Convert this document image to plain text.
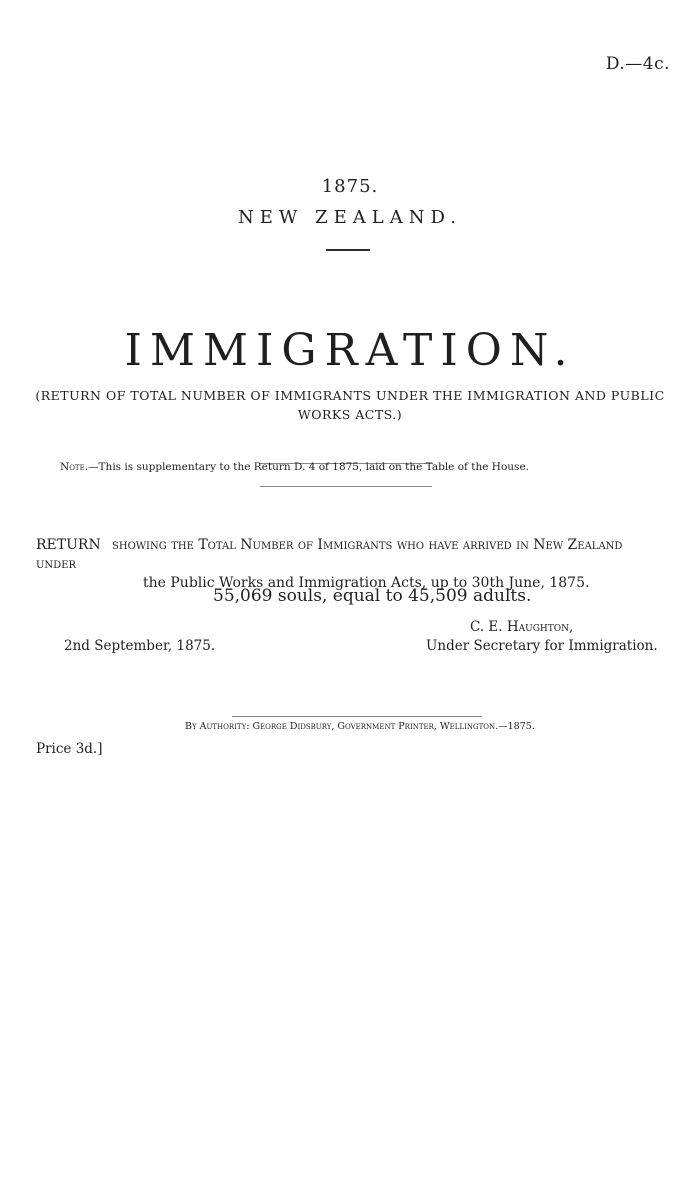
D.—4c.
1875.
NEW ZEALAND.
IMMIGRATION.
(RETURN OF TOTAL NUMBER OF IMMIGRANTS UNDER THE IMMIGRATION AND PUBLIC WORKS ACTS.)
Note.—This is supplementary to the Return D. 4 of 1875, laid on the Table of the House.
RETURN showing the Total Number of Immigrants who have arrived in New Zealand under
the Public Works and Immigration Acts, up to 30th June, 1875.
55,069 souls, equal to 45,509 adults.
C. E. Haughton,
Under Secretary for Immigration.
2nd September, 1875.
By Authority: George Didsbury, Government Printer, Wellington.—1875.
Price 3d.]
